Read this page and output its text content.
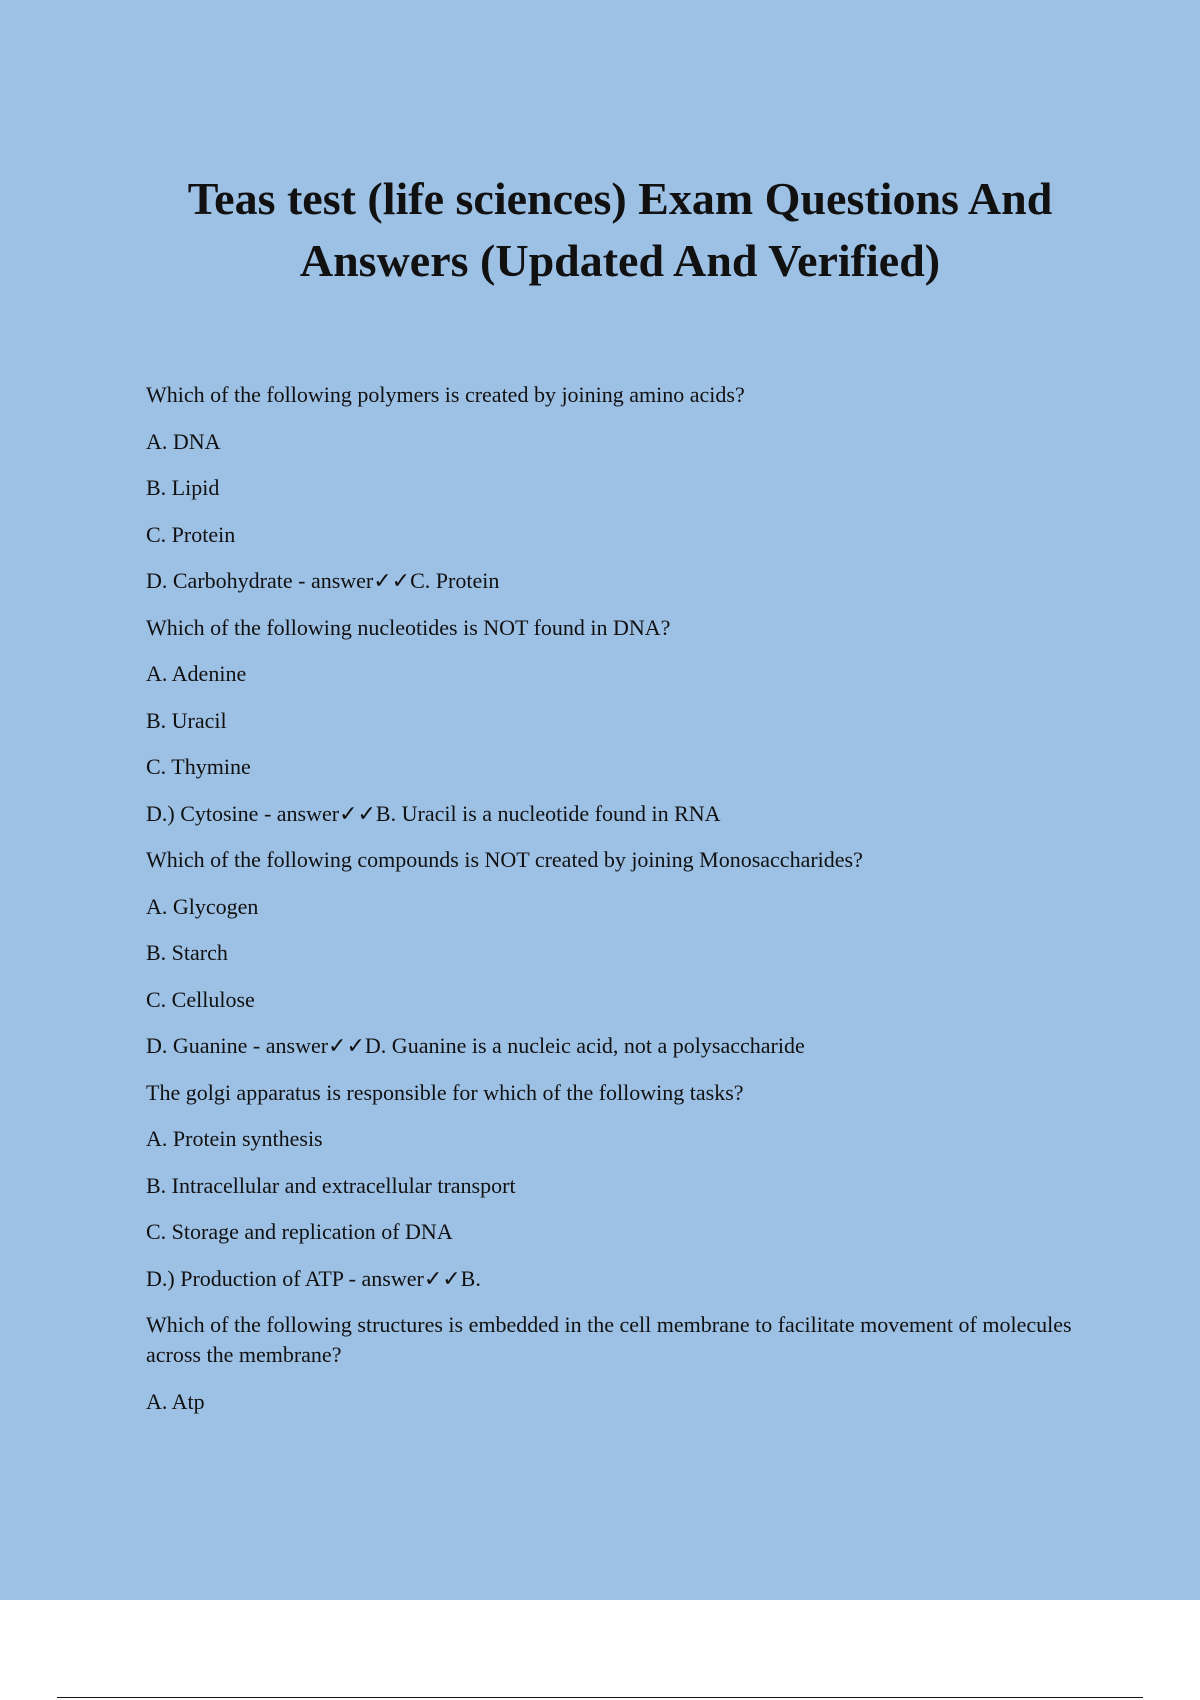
Teas test (life sciences) Exam Questions And Answers (Updated And Verified)

Which of the following polymers is created by joining amino acids?

A. DNA

B. Lipid

C. Protein

D. Carbohydrate - answer✓✓C. Protein

Which of the following nucleotides is NOT found in DNA?

A. Adenine

B. Uracil

C. Thymine

D.) Cytosine - answer✓✓B. Uracil is a nucleotide found in RNA

Which of the following compounds is NOT created by joining Monosaccharides?

A. Glycogen

B. Starch

C. Cellulose

D. Guanine - answer✓✓D. Guanine is a nucleic acid, not a polysaccharide

The golgi apparatus is responsible for which of the following tasks?

A. Protein synthesis

B. Intracellular and extracellular transport

C. Storage and replication of DNA

D.) Production of ATP - answer✓✓B.

Which of the following structures is embedded in the cell membrane to facilitate movement of molecules across the membrane?

A. Atp
